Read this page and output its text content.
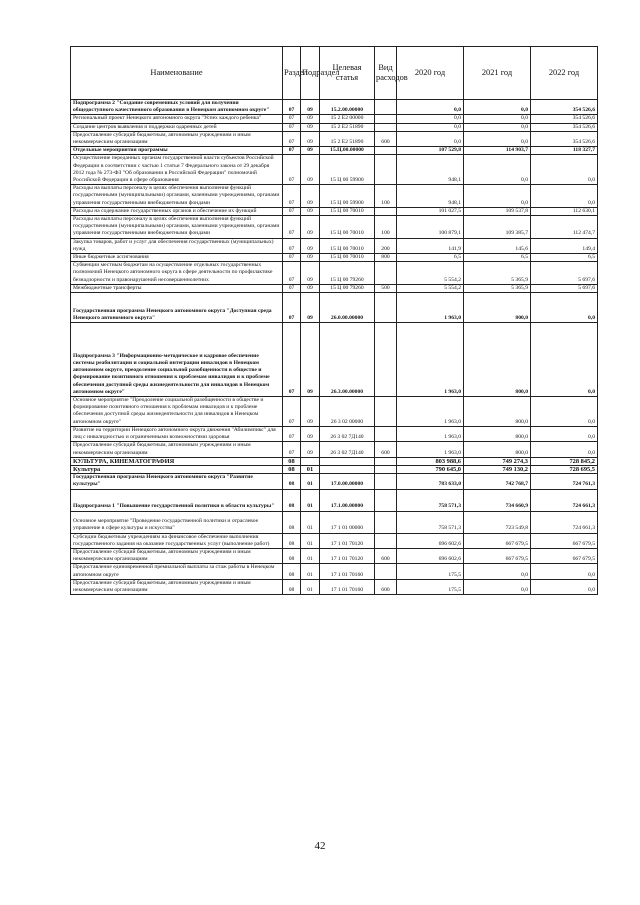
Наименование	Раздел	Подраздел	Целевая статья	Вид расходов	2020 год	2021 год	2022 год
Подпрограмма 2 "Создание современных условий для получения общедоступного качественного образования в Ненецком автономном округе"	07	09	15.2.00.00000		0,0	0,0	354 526,6
Региональный проект Ненецкого автономного округа "Успех каждого ребенка"	07	09	15 2 Е2 00000		0,0	0,0	354 526,6
Создание центров выявления и поддержки одаренных детей	07	09	15 2 Е2 51890		0,0	0,0	354 526,6
Предоставление субсидий бюджетным, автономным учреждениям и иным некоммерческим организациям	07	09	15 2 Е2 51890	600	0,0	0,0	354 526,6
Отдельные мероприятия программы	07	09	15.Ц.00.00000		107 529,8	114 903,7	118 327,7
Осуществление переданных органам государственной власти субъектов Российской Федерации в соответствии с частью 1 статьи 7 Федерального закона от 29 декабря 2012 года № 273-ФЗ "Об образовании в Российской Федерации" полномочий Российской Федерации в сфере образования	07	09	15 Ц 00 59900		948,1	0,0	0,0
Расходы на выплаты персоналу в целях обеспечения выполнения функций государственными (муниципальными) органами, казенными учреждениями, органами управления государственными внебюджетными фондами	07	09	15 Ц 00 59900	100	948,1	0,0	0,0
Расходы на содержание государственных органов и обеспечение их функций	07	09	15 Ц 00 70010		101 027,5	109 537,8	112 630,1
Расходы на выплаты персоналу в целях обеспечения выполнения функций государственными (муниципальными) органами, казенными учреждениями, органами управления государственными внебюджетными фондами	07	09	15 Ц 00 70010	100	100 879,1	109 385,7	112 474,7
Закупка товаров, работ и услуг для обеспечения государственных (муниципальных) нужд	07	09	15 Ц 00 70010	200	141,9	145,6	149,4
Иные бюджетные ассигнования	07	09	15 Ц 00 70010	800	6,5	6,5	6,5
Субвенции местным бюджетам на осуществление отдельных государственных полномочий Ненецкого автономного округа в сфере деятельности по профилактике безнадзорности и правонарушений несовершеннолетних	07	09	15 Ц 00 79260		5 554,2	5 365,9	5 697,6
Межбюджетные трансферты	07	09	15 Ц 00 79260	500	5 554,2	5 365,9	5 697,6
Государственная программа Ненецкого автономного округа "Доступная среда Ненецкого автономного округа"	07	09	26.0.00.00000		1 963,0	800,0	0,0
Подпрограмма 3 "Информационно-методическое и кадровое обеспечение системы реабилитации и социальной интеграции инвалидов в Ненецком автономном округе, преодоление социальной разобщенности в обществе и формирование позитивного отношения к проблемам инвалидов и к проблеме обеспечения доступной среды жизнедеятельности для инвалидов в Ненецком автономном округе"	07	09	26.3.00.00000		1 963,0	800,0	0,0
Основное мероприятие "Преодоление социальной разобщенности в обществе и формирование позитивного отношения к проблемам инвалидов и к проблеме обеспечения доступной среды жизнедеятельности для инвалидов в Ненецком автономном округе"	07	09	26 3 02 00000		1 963,0	800,0	0,0
Развитие на территории Ненецкого автономного округа движения "Абилимпикс" для лиц с инвалидностью и ограниченными возможностями здоровья	07	09	26 3 02 7Д140		1 963,0	800,0	0,0
Предоставление субсидий бюджетным, автономным учреждениям и иным некоммерческим организациям	07	09	26 3 02 7Д140	600	1 963,0	800,0	0,0
КУЛЬТУРА, КИНЕМАТОГРАФИЯ	08				803 988,6	749 274,3	728 845,2
Культура	08	01			790 645,0	749 130,2	728 695,5
Государственная программа Ненецкого автономного округа "Развитие культуры"	08	01	17.0.00.00000		783 633,0	742 768,7	724 761,3
Подпрограмма 1 "Повышение государственной политики в области культуры"	08	01	17.1.00.00000		758 571,3	734 660,9	724 661,3
Основное мероприятие "Проведение государственной политики и отраслевое управление в сфере культуры и искусства"	08	01	17 1 01 00000		758 571,3	723 549,8	724 661,3
Субсидии бюджетным учреждениям на финансовое обеспечение выполнения государственного задания на оказание государственных услуг (выполнение работ)	08	01	17 1 01 70120		696 602,6	667 679,5	667 679,5
Предоставление субсидий бюджетным, автономным учреждениям и иным некоммерческим организациям	08	01	17 1 01 70120	600	696 602,6	667 679,5	667 679,5
Предоставление единовременной премиальной выплаты за стаж работы в Ненецком автономном округе	08	01	17 1 01 70160		175,5	0,0	0,0
Предоставление субсидий бюджетным, автономным учреждениям и иным некоммерческим организациям	08	01	17 1 01 70160	600	175,5	0,0	0,0
42
